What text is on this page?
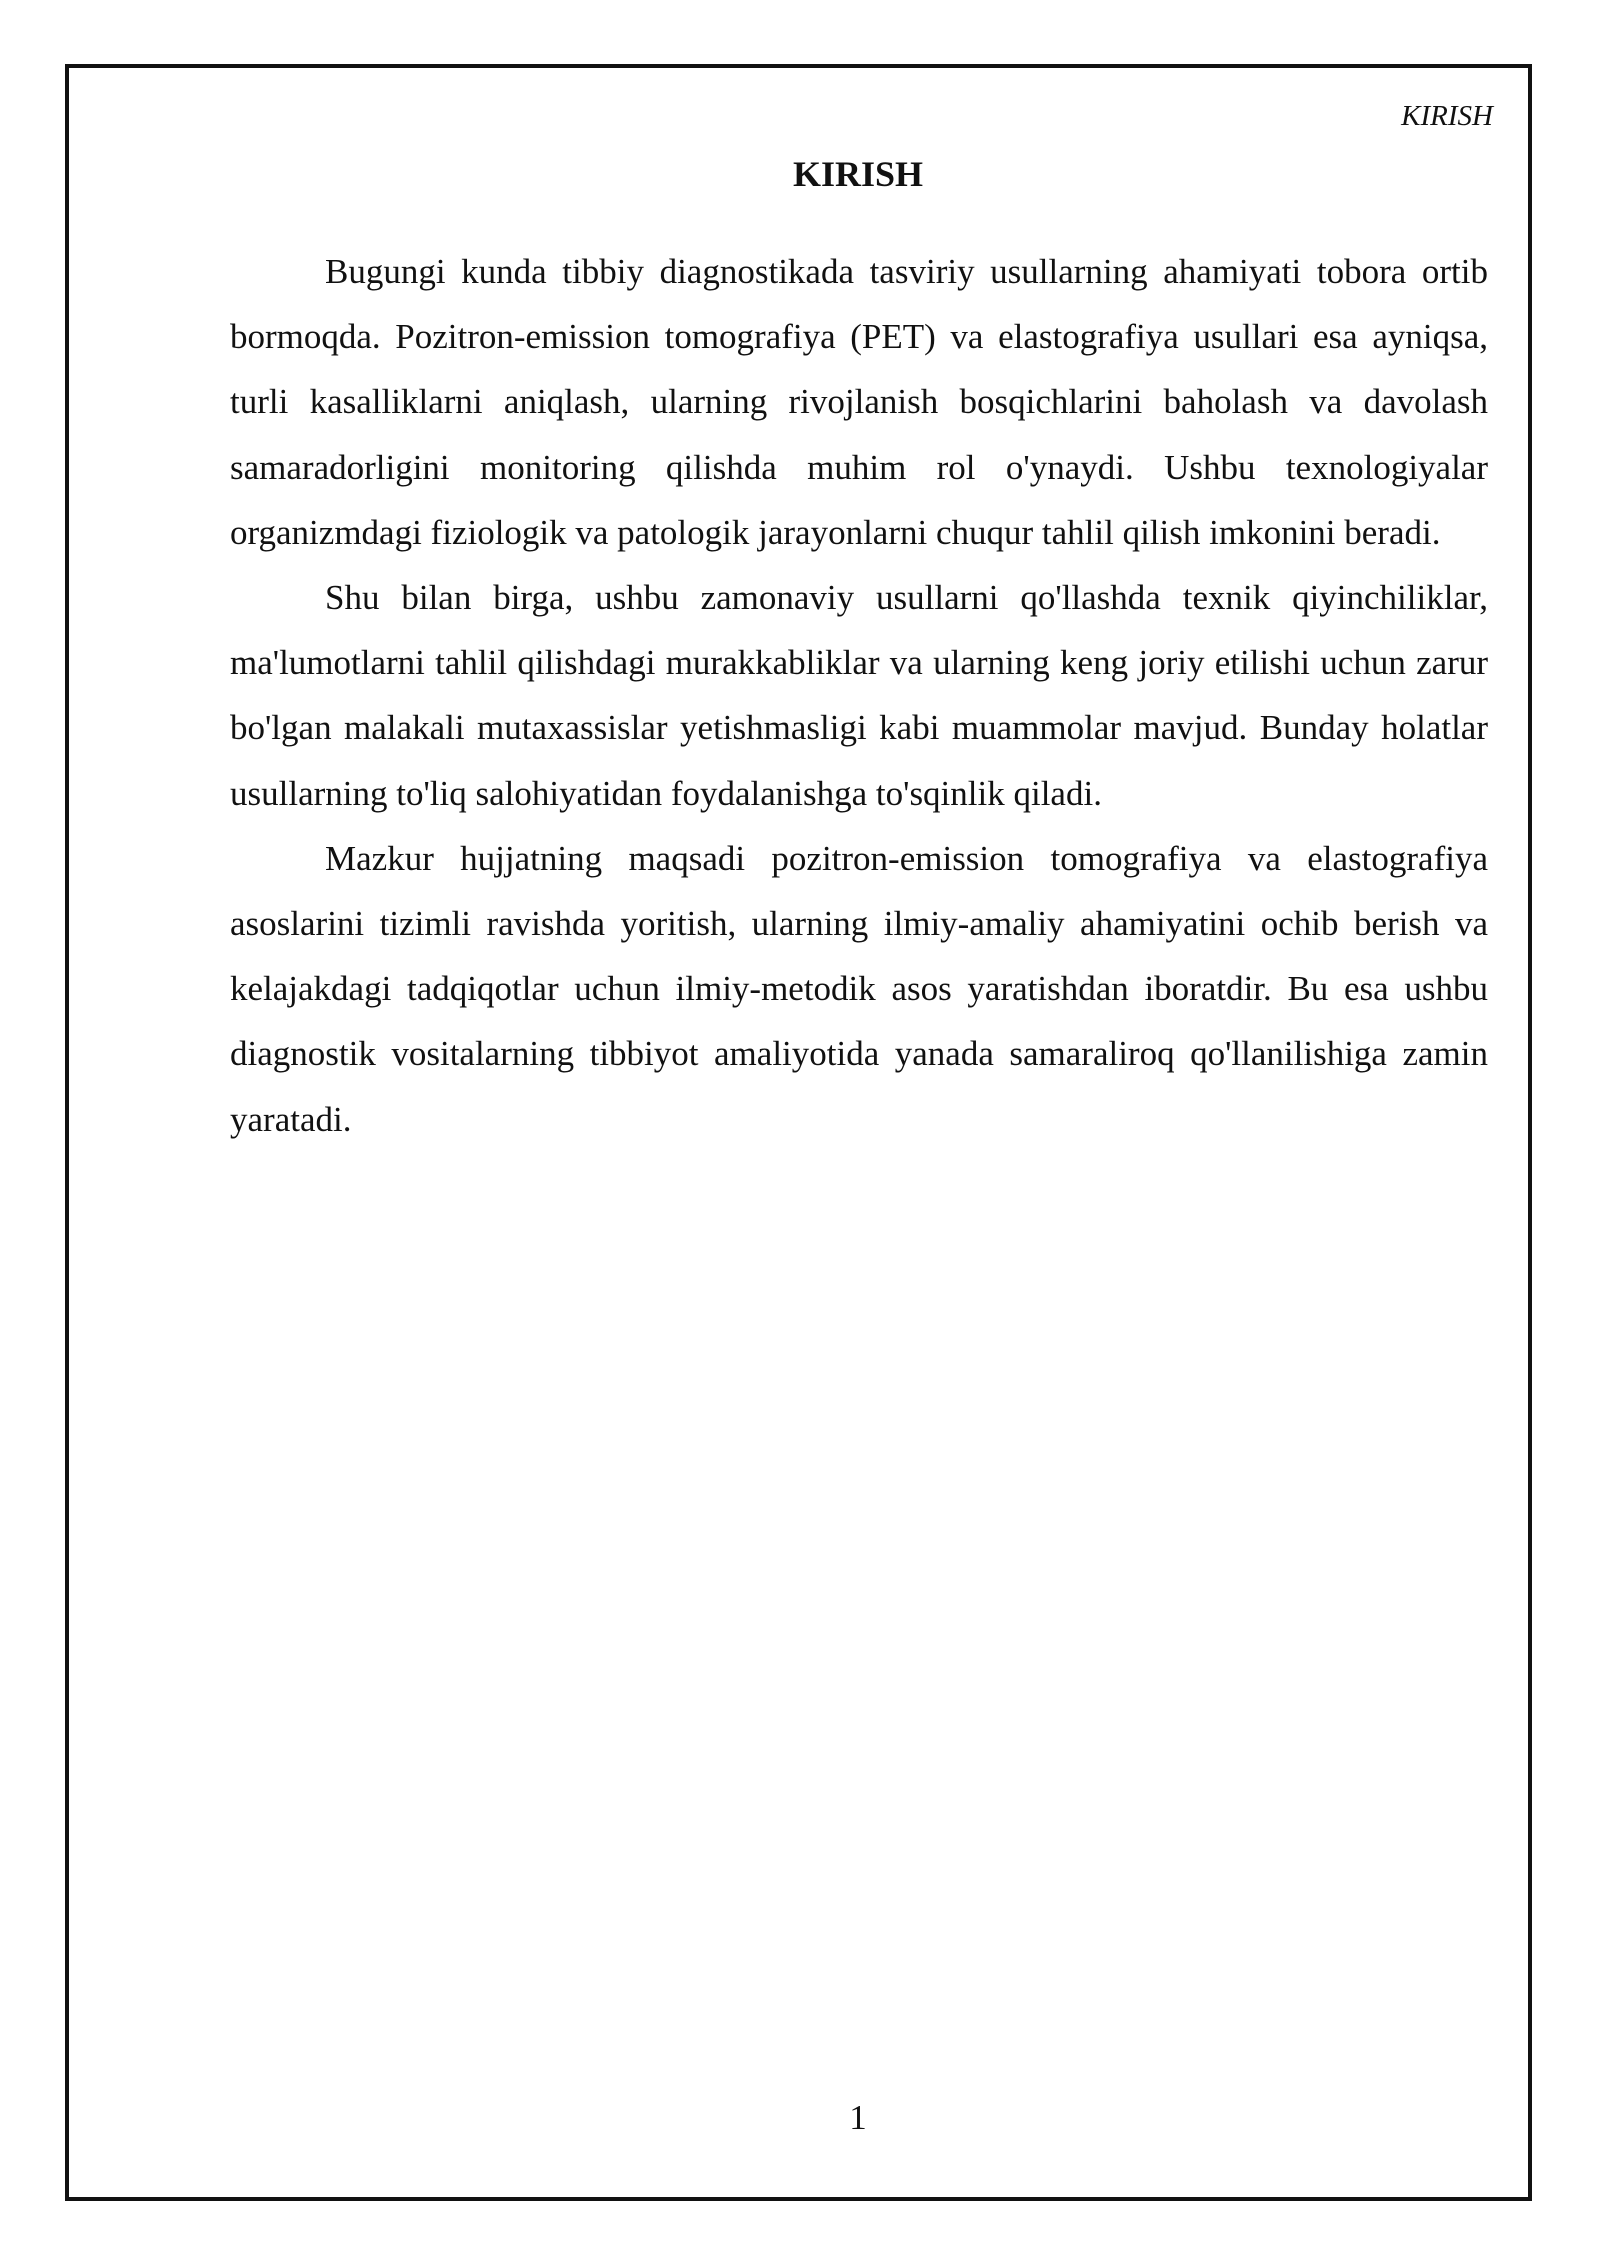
KIRISH
KIRISH

Bugungi kunda tibbiy diagnostikada tasviriy usullarning ahamiyati tobora ortib bormoqda. Pozitron-emission tomografiya (PET) va elastografiya usullari esa ayniqsa, turli kasalliklarni aniqlash, ularning rivojlanish bosqichlarini baholash va davolash samaradorligini monitoring qilishda muhim rol o'ynaydi. Ushbu texnologiyalar organizmdagi fiziologik va patologik jarayonlarni chuqur tahlil qilish imkonini beradi.

Shu bilan birga, ushbu zamonaviy usullarni qo'llashda texnik qiyinchiliklar, ma'lumotlarni tahlil qilishdagi murakkabliklar va ularning keng joriy etilishi uchun zarur bo'lgan malakali mutaxassislar yetishmasligi kabi muammolar mavjud. Bunday holatlar usullarning to'liq salohiyatidan foydalanishga to'sqinlik qiladi.

Mazkur hujjatning maqsadi pozitron-emission tomografiya va elastografiya asoslarini tizimli ravishda yoritish, ularning ilmiy-amaliy ahamiyatini ochib berish va kelajakdagi tadqiqotlar uchun ilmiy-metodik asos yaratishdan iboratdir. Bu esa ushbu diagnostik vositalarning tibbiyot amaliyotida yanada samaraliroq qo'llanilishiga zamin yaratadi.

1
